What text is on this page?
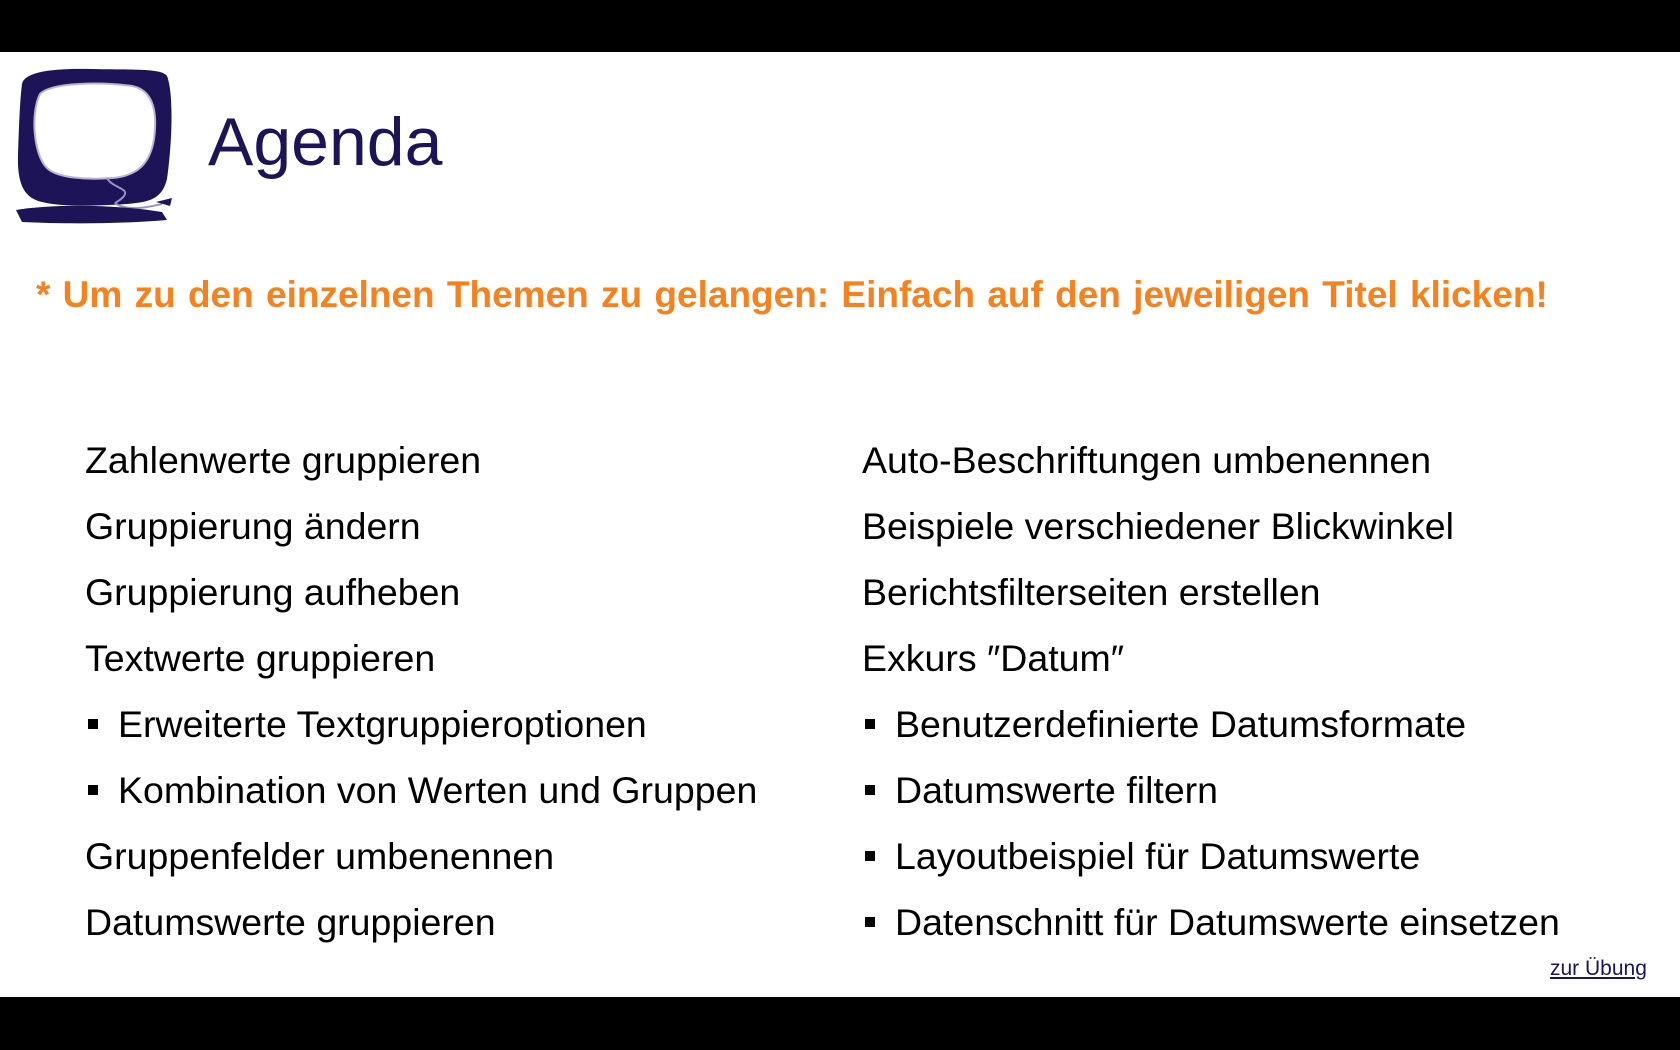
Agenda
* Um zu den einzelnen Themen zu gelangen: Einfach auf den jeweiligen Titel klicken!
Zahlenwerte gruppieren
Gruppierung ändern
Gruppierung aufheben
Textwerte gruppieren
Erweiterte Textgruppieroptionen
Kombination von Werten und Gruppen
Gruppenfelder umbenennen
Datumswerte gruppieren
Auto-Beschriftungen umbenennen
Beispiele verschiedener Blickwinkel
Berichtsfilterseiten erstellen
Exkurs ″Datum″
Benutzerdefinierte Datumsformate
Datumswerte filtern
Layoutbeispiel für Datumswerte
Datenschnitt für Datumswerte einsetzen
zur Übung
